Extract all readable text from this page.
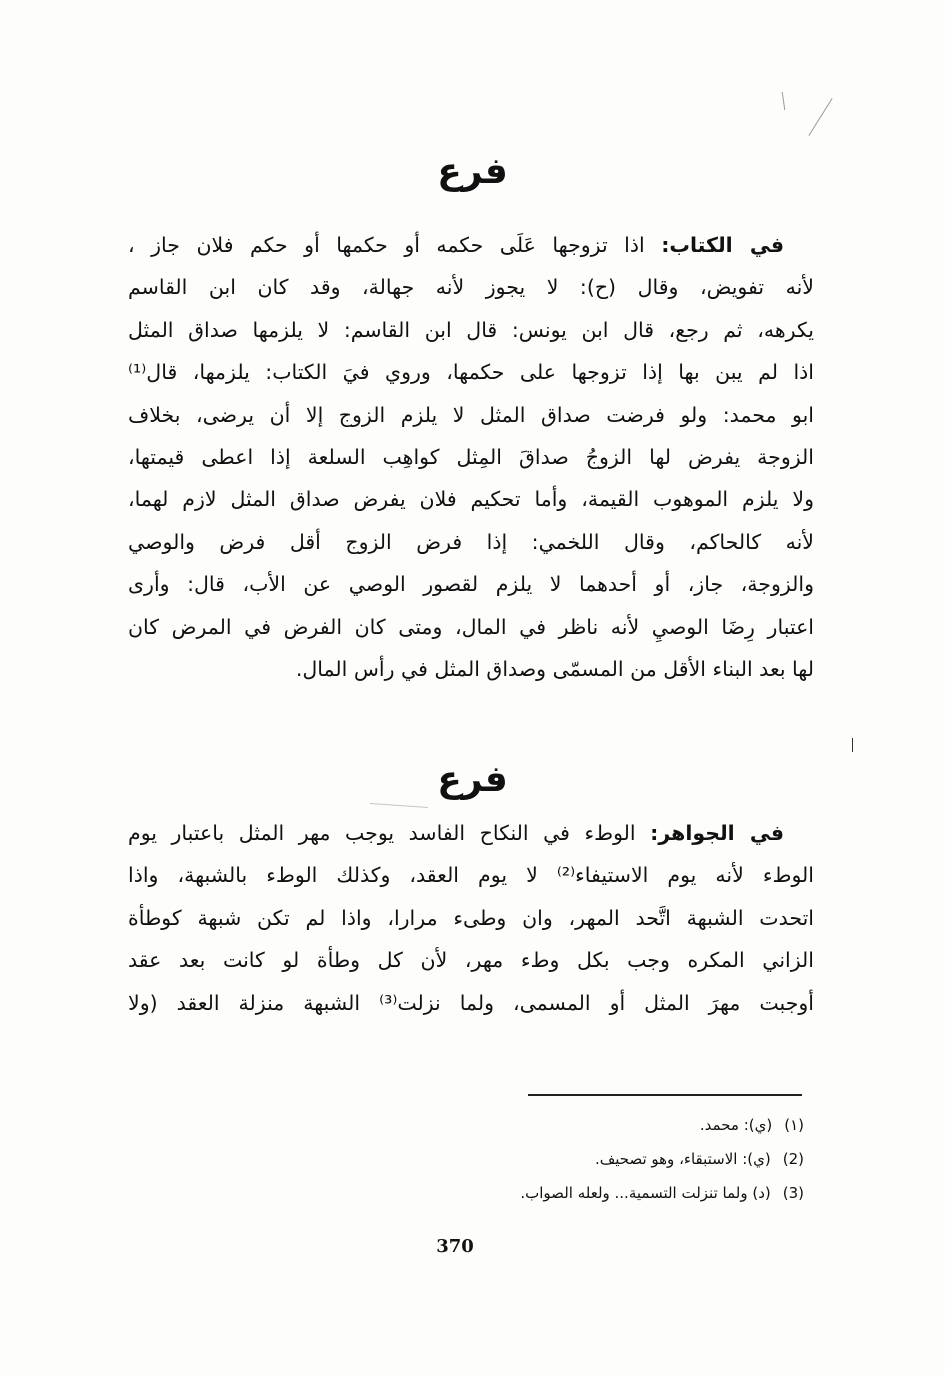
فرع
في الكتاب: اذا تزوجها عَلَى حكمه أو حكمها أو حكم فلان جاز ،
لأنه تفويض، وقال (ح): لا يجوز لأنه جهالة، وقد كان ابن القاسم
يكرهه، ثم رجع، قال ابن يونس: قال ابن القاسم: لا يلزمها صداق المثل
اذا لم يبن بها إذا تزوجها على حكمها، وروي فيَ الكتاب: يلزمها، قال⁽¹⁾
ابو محمد: ولو فرضت صداق المثل لا يلزم الزوج إلا أن يرضى، بخلاف
الزوجة يفرض لها الزوجُ صداقَ المِثل كواهِب السلعة إذا اعطى قيمتها،
ولا يلزم الموهوب القيمة، وأما تحكيم فلان يفرض صداق المثل لازم لهما،
لأنه كالحاكم، وقال اللخمي: إذا فرض الزوج أقل فرض والوصي
والزوجة، جاز، أو أحدهما لا يلزم لقصور الوصي عن الأب، قال: وأرى
اعتبار رِضَا الوصيِ لأنه ناظر في المال، ومتى كان الفرض في المرض كان
لها بعد البناء الأقل من المسمّى وصداق المثل في رأس المال.
فرع
في الجواهر: الوطء في النكاح الفاسد يوجب مهر المثل باعتبار يوم
الوطء لأنه يوم الاستيفاء⁽²⁾ لا يوم العقد، وكذلك الوطء بالشبهة، واذا
اتحدت الشبهة اتَّحد المهر، وان وطىء مرارا، واذا لم تكن شبهة كوطأة
الزاني المكره وجب بكل وطء مهر، لأن كل وطأة لو كانت بعد عقد
أوجبت مهرَ المثل أو المسمى، ولما نزلت⁽³⁾ الشبهة منزلة العقد (ولا
(١)(ي): محمد.
(2)(ي): الاستبقاء، وهو تصحيف.
(3)(د) ولما تنزلت التسمية... ولعله الصواب.
370
